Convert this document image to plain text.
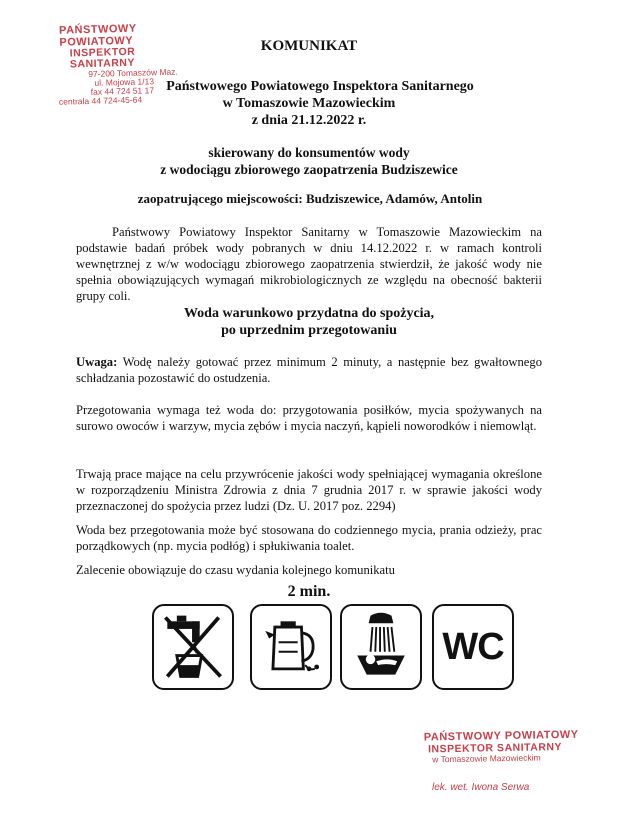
PAŃSTWOWY POWIATOWY
INSPEKTOR SANITARNY
97-200 Tomaszów Maz.
ul. Mojowa 1/13
fax 44 724 51 17
centrala 44 724-45-64
KOMUNIKAT
Państwowego Powiatowego Inspektora Sanitarnego
w Tomaszowie Mazowieckim
z dnia 21.12.2022 r.
skierowany do konsumentów wody
z wodociągu zbiorowego zaopatrzenia Budziszewice
zaopatrującego miejscowości: Budziszewice, Adamów, Antolin

Państwowy Powiatowy Inspektor Sanitarny w Tomaszowie Mazowieckim na podstawie badań próbek wody pobranych w dniu 14.12.2022 r. w ramach kontroli wewnętrznej z w/w wodociągu zbiorowego zaopatrzenia stwierdził, że jakość wody nie spełnia obowiązujących wymagań mikrobiologicznych ze względu na obecność bakterii grupy coli.

Woda warunkowo przydatna do spożycia,
po uprzednim przegotowaniu

Uwaga: Wodę należy gotować przez minimum 2 minuty, a następnie bez gwałtownego schładzania pozostawić do ostudzenia.

Przegotowania wymaga też woda do: przygotowania posiłków, mycia spożywanych na surowo owoców i warzyw, mycia zębów i mycia naczyń, kąpieli noworodków i niemowląt.

Trwają prace mające na celu przywrócenie jakości wody spełniającej wymagania określone w rozporządzeniu Ministra Zdrowia z dnia 7 grudnia 2017 r. w sprawie jakości wody przeznaczonej do spożycia przez ludzi (Dz. U. 2017 poz. 2294)

Woda bez przegotowania może być stosowana do codziennego mycia, prania odzieży, prac porządkowych (np. mycia podłóg) i spłukiwania toalet.

Zalecenie obowiązuje do czasu wydania kolejnego komunikatu

2 min.
WC
PAŃSTWOWY POWIATOWY
INSPEKTOR SANITARNY
w Tomaszowie Mazowieckim
lek. wet. Iwona Serwa
